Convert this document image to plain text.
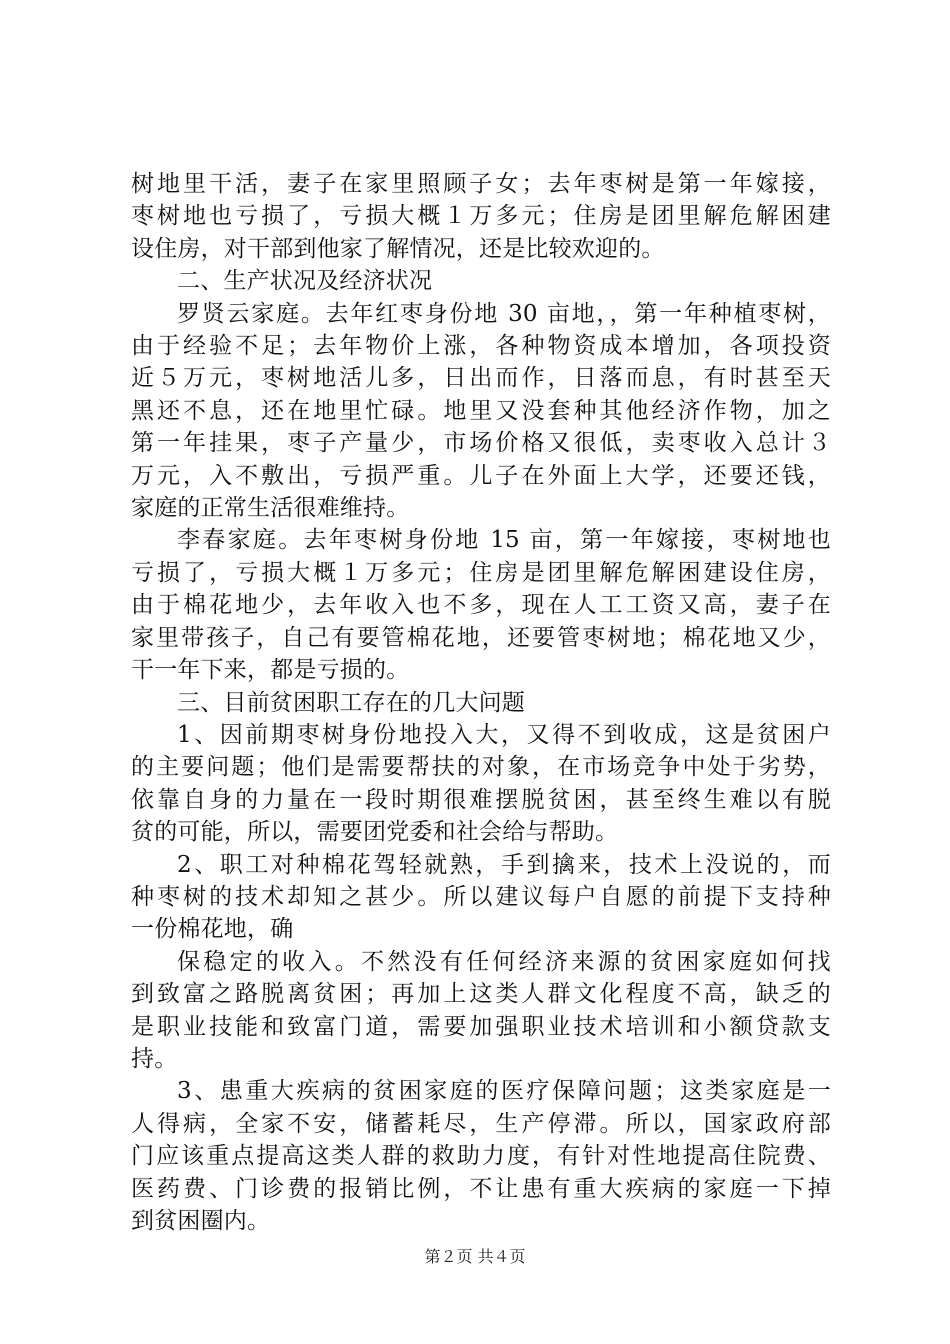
树地里干活，妻子在家里照顾子女；去年枣树是第一年嫁接，
枣树地也亏损了，亏损大概１万多元；住房是团里解危解困建
设住房，对干部到他家了解情况，还是比较欢迎的。

二、生产状况及经济状况

罗贤云家庭。去年红枣身份地 30 亩地，，第一年种植枣树，
由于经验不足；去年物价上涨，各种物资成本增加，各项投资
近５万元，枣树地活儿多，日出而作，日落而息，有时甚至天
黑还不息，还在地里忙碌。地里又没套种其他经济作物，加之
第一年挂果，枣子产量少，市场价格又很低，卖枣收入总计３
万元，入不敷出，亏损严重。儿子在外面上大学，还要还钱，
家庭的正常生活很难维持。

李春家庭。去年枣树身份地 15 亩，第一年嫁接，枣树地也
亏损了，亏损大概１万多元；住房是团里解危解困建设住房，
由于棉花地少，去年收入也不多，现在人工工资又高，妻子在
家里带孩子，自己有要管棉花地，还要管枣树地；棉花地又少，
干一年下来，都是亏损的。

三、目前贫困职工存在的几大问题

1、因前期枣树身份地投入大，又得不到收成，这是贫困户
的主要问题；他们是需要帮扶的对象，在市场竞争中处于劣势，
依靠自身的力量在一段时期很难摆脱贫困，甚至终生难以有脱
贫的可能，所以，需要团党委和社会给与帮助。

2、职工对种棉花驾轻就熟，手到擒来，技术上没说的，而
种枣树的技术却知之甚少。所以建议每户自愿的前提下支持种
一份棉花地，确

保稳定的收入。不然没有任何经济来源的贫困家庭如何找
到致富之路脱离贫困；再加上这类人群文化程度不高，缺乏的
是职业技能和致富门道，需要加强职业技术培训和小额贷款支
持。

3、患重大疾病的贫困家庭的医疗保障问题；这类家庭是一
人得病，全家不安，储蓄耗尽，生产停滞。所以，国家政府部
门应该重点提高这类人群的救助力度，有针对性地提高住院费、
医药费、门诊费的报销比例，不让患有重大疾病的家庭一下掉
到贫困圈内。

第２页 共４页
